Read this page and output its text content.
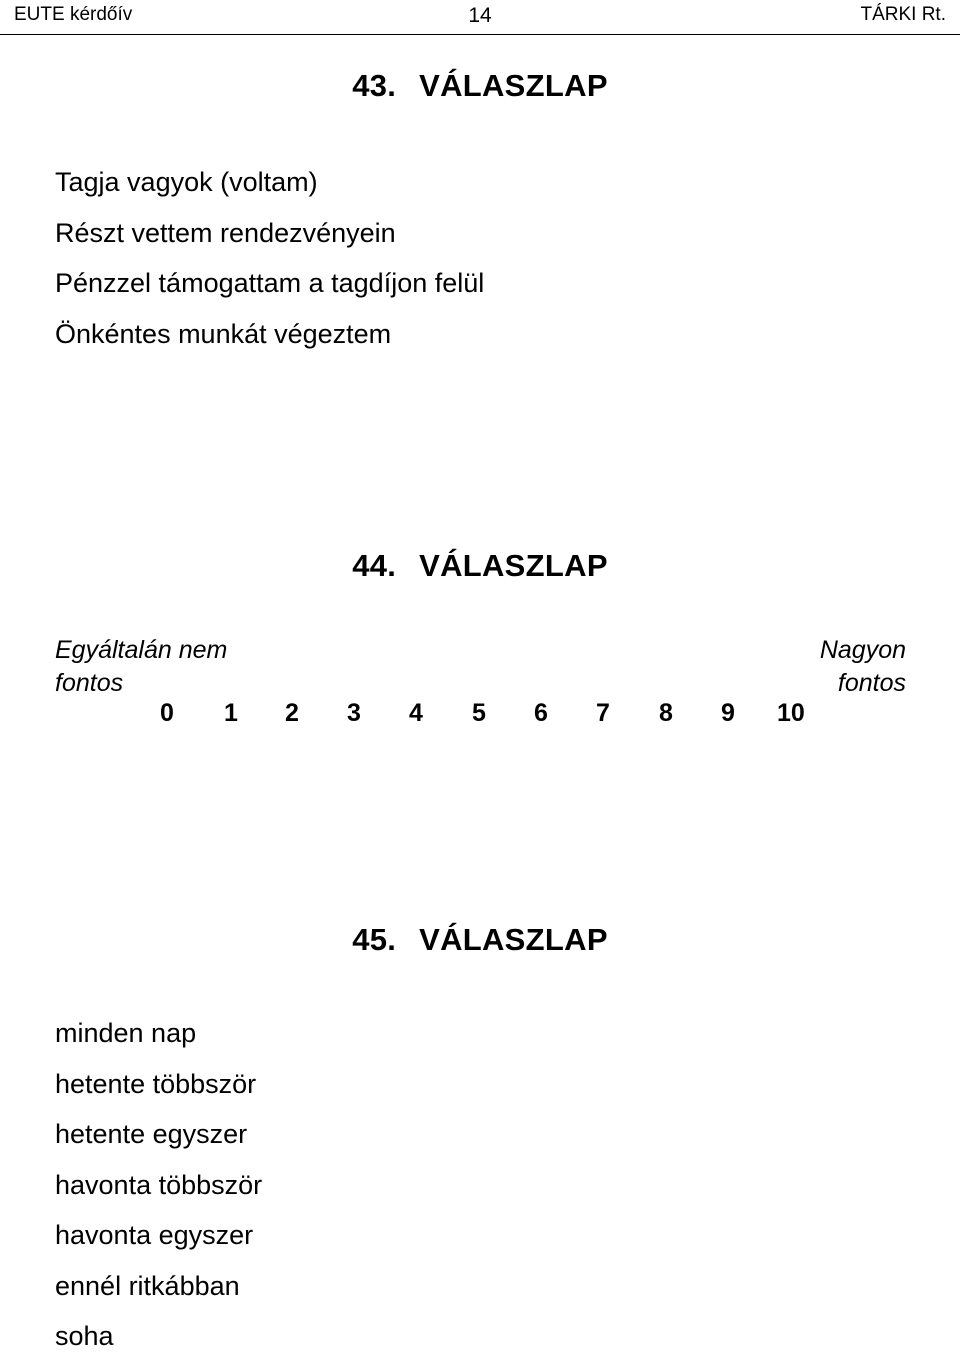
EUTE kérdőív	14	TÁRKI Rt.
43. VÁLASZLAP
Tagja vagyok (voltam)
Részt vettem rendezvényein
Pénzzel támogattam a tagdíjon felül
Önkéntes munkát végeztem
44. VÁLASZLAP
Egyáltalán nem
fontos
Nagyon
fontos
0 1 2 3 4 5 6 7 8 9 10
45. VÁLASZLAP
minden nap
hetente többször
hetente egyszer
havonta többször
havonta egyszer
ennél ritkábban
soha
